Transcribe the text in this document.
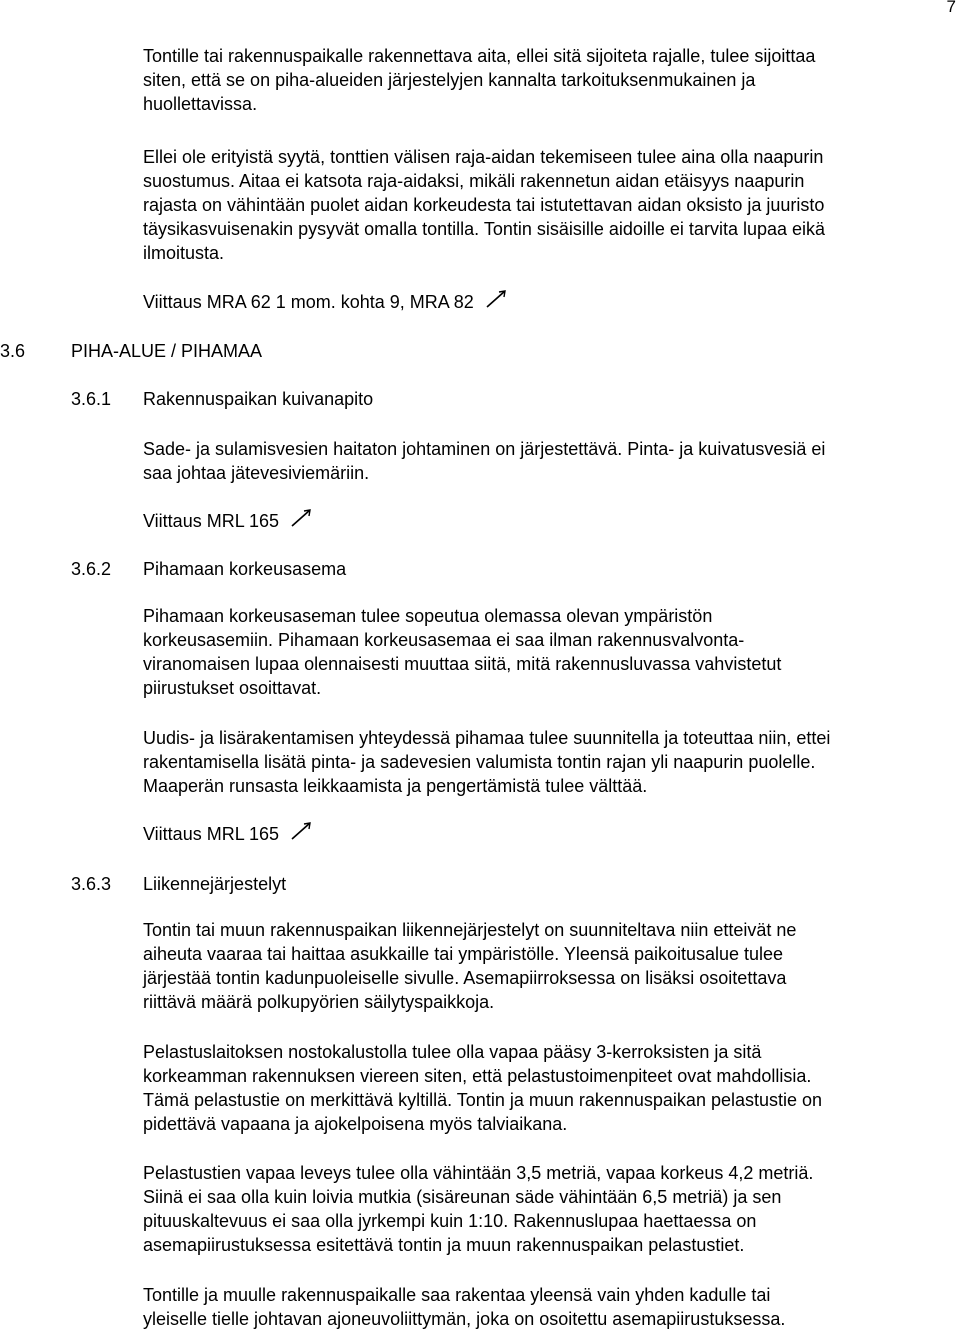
7

Tontille tai rakennuspaikalle rakennettava aita, ellei sitä sijoiteta rajalle, tulee sijoittaa
siten, että se on piha-alueiden järjestelyjen kannalta tarkoituksenmukainen ja
huollettavissa.

Ellei ole erityistä syytä, tonttien välisen raja-aidan tekemiseen tulee aina olla naapurin
suostumus. Aitaa ei katsota raja-aidaksi, mikäli rakennetun aidan etäisyys naapurin
rajasta on vähintään puolet aidan korkeudesta tai istutettavan aidan oksisto ja juuristo
täysikasvuisenakin pysyvät omalla tontilla. Tontin sisäisille aidoille ei tarvita lupaa eikä
ilmoitusta.

Viittaus MRA 62 1 mom. kohta 9, MRA 82
3.6	PIHA-ALUE / PIHAMAA
3.6.1 Rakennuspaikan kuivanapito

Sade- ja sulamisvesien haitaton johtaminen on järjestettävä. Pinta- ja kuivatusvesiä ei
saa johtaa jätevesiviemäriin.

Viittaus MRL 165
3.6.2 Pihamaan korkeusasema

Pihamaan korkeusaseman tulee sopeutua olemassa olevan ympäristön
korkeusasemiin. Pihamaan korkeusasemaa ei saa ilman rakennusvalvonta-
viranomaisen lupaa olennaisesti muuttaa siitä, mitä rakennusluvassa vahvistetut
piirustukset osoittavat.

Uudis- ja lisärakentamisen yhteydessä pihamaa tulee suunnitella ja toteuttaa niin, ettei
rakentamisella lisätä pinta- ja sadevesien valumista tontin rajan yli naapurin puolelle.
Maaperän runsasta leikkaamista ja pengertämistä tulee välttää.

Viittaus MRL 165
3.6.3 Liikennejärjestelyt

Tontin tai muun rakennuspaikan liikennejärjestelyt on suunniteltava niin etteivät ne
aiheuta vaaraa tai haittaa asukkaille tai ympäristölle. Yleensä paikoitusalue tulee
järjestää tontin kadunpuoleiselle sivulle. Asemapiirroksessa on lisäksi osoitettava
riittävä määrä polkupyörien säilytyspaikkoja.

Pelastuslaitoksen nostokalustolla tulee olla vapaa pääsy 3-kerroksisten ja sitä
korkeamman rakennuksen viereen siten, että pelastustoimenpiteet ovat mahdollisia.
Tämä pelastustie on merkittävä kyltillä. Tontin ja muun rakennuspaikan pelastustie on
pidettävä vapaana ja ajokelpoisena myös talviaikana.

Pelastustien vapaa leveys tulee olla vähintään 3,5 metriä, vapaa korkeus 4,2 metriä.
Siinä ei saa olla kuin loivia mutkia (sisäreunan säde vähintään 6,5 metriä) ja sen
pituuskaltevuus ei saa olla jyrkempi kuin 1:10. Rakennuslupaa haettaessa on
asemapiirustuksessa esitettävä tontin ja muun rakennuspaikan pelastustiet.

Tontille ja muulle rakennuspaikalle saa rakentaa yleensä vain yhden kadulle tai
yleiselle tielle johtavan ajoneuvoliittymän, joka on osoitettu asemapiirustuksessa.
